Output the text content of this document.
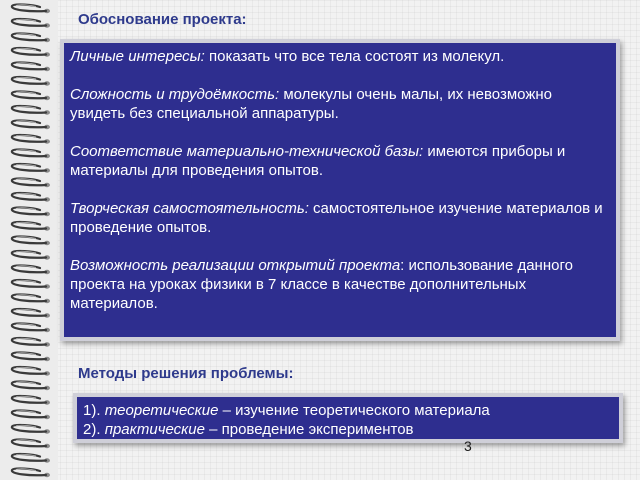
Обоснование проекта:

Личные интересы: показать что все тела состоят из молекул.

Сложность и трудоёмкость: молекулы очень малы, их невозможно увидеть без специальной аппаратуры.

Соответствие материально-технической базы: имеются приборы и материалы для проведения опытов.

Творческая самостоятельность: самостоятельное изучение материалов и проведение опытов.

Возможность реализации открытий проекта: использование данного проекта на уроках физики в 7 классе в качестве дополнительных материалов.

Методы решения проблемы:
1). теоретические – изучение теоретического материала
2). практические – проведение экспериментов
3
